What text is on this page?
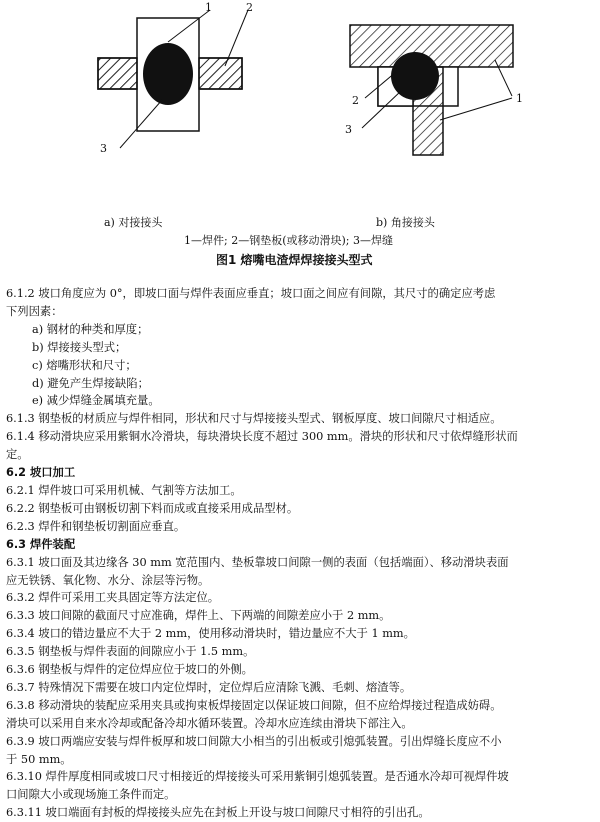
1	2
3
1
2
3
a) 对接接头	b) 角接接头
1—焊件; 2—钢垫板(或移动滑块); 3—焊缝
图1 熔嘴电渣焊焊接接头型式
6.1.2 坡口角度应为 0°，即坡口面与焊件表面应垂直；坡口面之间应有间隙，其尺寸的确定应考虑
下列因素：
a) 钢材的种类和厚度；
b) 焊接接头型式；
c) 熔嘴形状和尺寸；
d) 避免产生焊接缺陷；
e) 减少焊缝金属填充量。
6.1.3 钢垫板的材质应与焊件相同，形状和尺寸与焊接接头型式、钢板厚度、坡口间隙尺寸相适应。
6.1.4 移动滑块应采用紫铜水冷滑块，每块滑块长度不超过 300 mm。滑块的形状和尺寸依焊缝形状而
定。
6.2 坡口加工
6.2.1 焊件坡口可采用机械、气割等方法加工。
6.2.2 钢垫板可由钢板切割下料而成或直接采用成品型材。
6.2.3 焊件和钢垫板切割面应垂直。
6.3 焊件装配
6.3.1 坡口面及其边缘各 30 mm 宽范围内、垫板靠坡口间隙一侧的表面（包括端面）、移动滑块表面
应无铁锈、氧化物、水分、涂层等污物。
6.3.2 焊件可采用工夹具固定等方法定位。
6.3.3 坡口间隙的截面尺寸应准确，焊件上、下两端的间隙差应小于 2 mm。
6.3.4 坡口的错边量应不大于 2 mm，使用移动滑块时，错边量应不大于 1 mm。
6.3.5 钢垫板与焊件表面的间隙应小于 1.5 mm。
6.3.6 钢垫板与焊件的定位焊应位于坡口的外侧。
6.3.7 特殊情况下需要在坡口内定位焊时，定位焊后应清除飞溅、毛刺、熔渣等。
6.3.8 移动滑块的装配应采用夹具或拘束板焊接固定以保证坡口间隙，但不应给焊接过程造成妨碍。
滑块可以采用自来水冷却或配备冷却水循环装置。冷却水应连续由滑块下部注入。
6.3.9 坡口两端应安装与焊件板厚和坡口间隙大小相当的引出板或引熄弧装置。引出焊缝长度应不小
于 50 mm。
6.3.10 焊件厚度相同或坡口尺寸相接近的焊接接头可采用紫铜引熄弧装置。是否通水冷却可视焊件坡
口间隙大小或现场施工条件而定。
6.3.11 坡口端面有封板的焊接接头应先在封板上开设与坡口间隙尺寸相符的引出孔。
